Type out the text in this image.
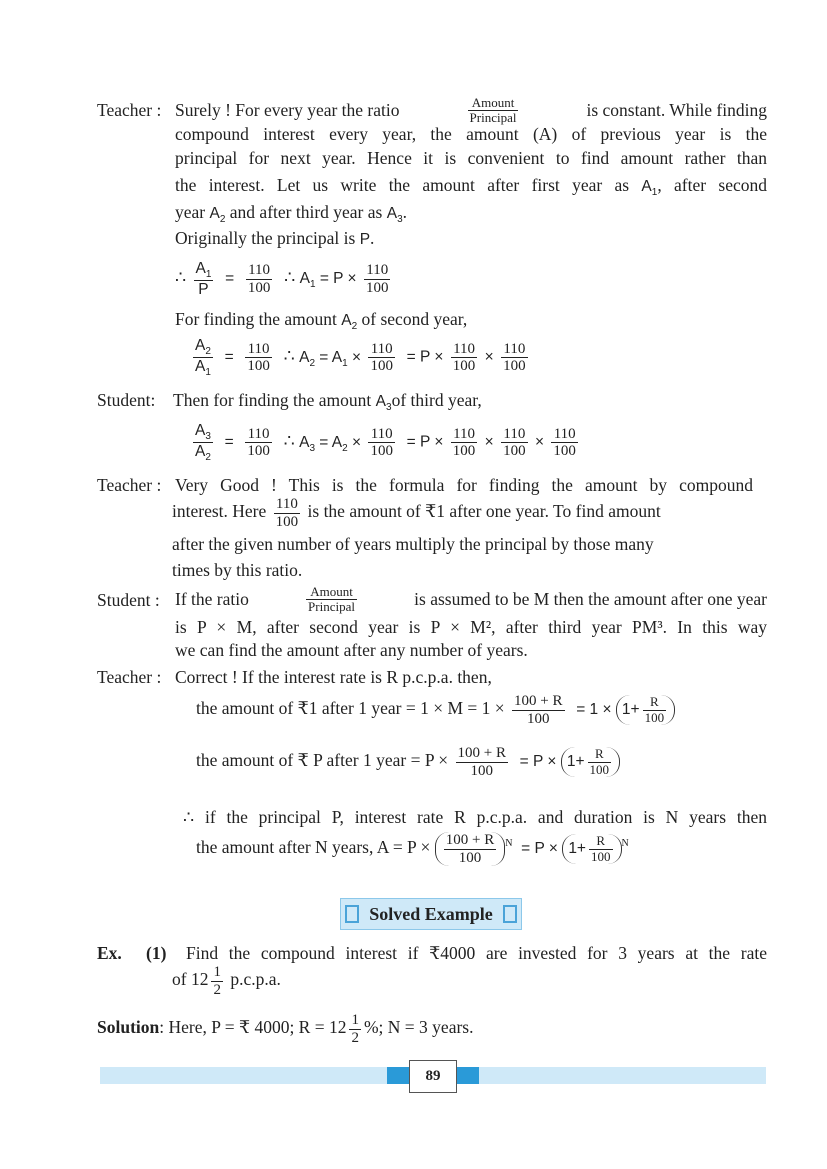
Teacher : Surely ! For every year the ratio	$\frac{\text{Amount}}{\text{Principal}}$	is constant. While finding
compound interest every year, the amount (A) of previous year is the
principal for next year. Hence it is convenient to find amount rather than
the interest. Let us write the amount after first year as $A_1$, after second
year $A_2$ and after third year as $A_3$.
Originally the principal is P.
∴ $\frac{A_1}{P} = \frac{110}{100}$ ∴ $A_1 = P \times \frac{110}{100}$
For finding the amount $A_2$ of second year,
$\frac{A_2}{A_1} = \frac{110}{100}$ ∴ $A_2 = A_1 \times \frac{110}{100} = P \times \frac{110}{100} \times \frac{110}{100}$
Student: Then for finding the amount $A_3of$ third year,
$\frac{A_3}{A_2} = \frac{110}{100}$ ∴ $A_3 = A_2 \times \frac{110}{100} = P \times \frac{110}{100} \times \frac{110}{100} \times \frac{110}{100}$
Teacher : Very Good ! This is the formula for finding the amount by compound
interest. Here $\frac{110}{100}$ is the amount of ₹1 after one year. To find amount
after the given number of years multiply the principal by those many
times by this ratio.
Student : If the ratio	$\frac{\text{Amount}}{\text{Principal}}$	is assumed to be M then the amount after one year
is P × M, after second year is P × M², after third year PM³. In this way
we can find the amount after any number of years.
Teacher : Correct ! If the interest rate is R p.c.p.a. then,
the amount of ₹1 after 1 year = $1 \times M = 1 \times \frac{100 + R}{100} = 1 \times 1+ \frac{R}{100}$
the amount of ₹ P after 1 year = $P \times \frac{100 + R}{100} = P \times 1+ \frac{R}{100}$
∴ if the principal P, interest rate R p.c.p.a. and duration is N years then
the amount after N years, $A = P \times \frac{100 + R}{100} ^N = P \times 1+ \frac{R}{100} ^N$
Solved Example
Ex. (1) Find the compound interest if ₹4000 are invested for 3 years at the rate
of $12 \frac{1}{2} p.c.p.a$.
Solution: Here, P = ₹ 4000; $R = 12 \frac{1}{2}$ %; N = 3 years.
89
